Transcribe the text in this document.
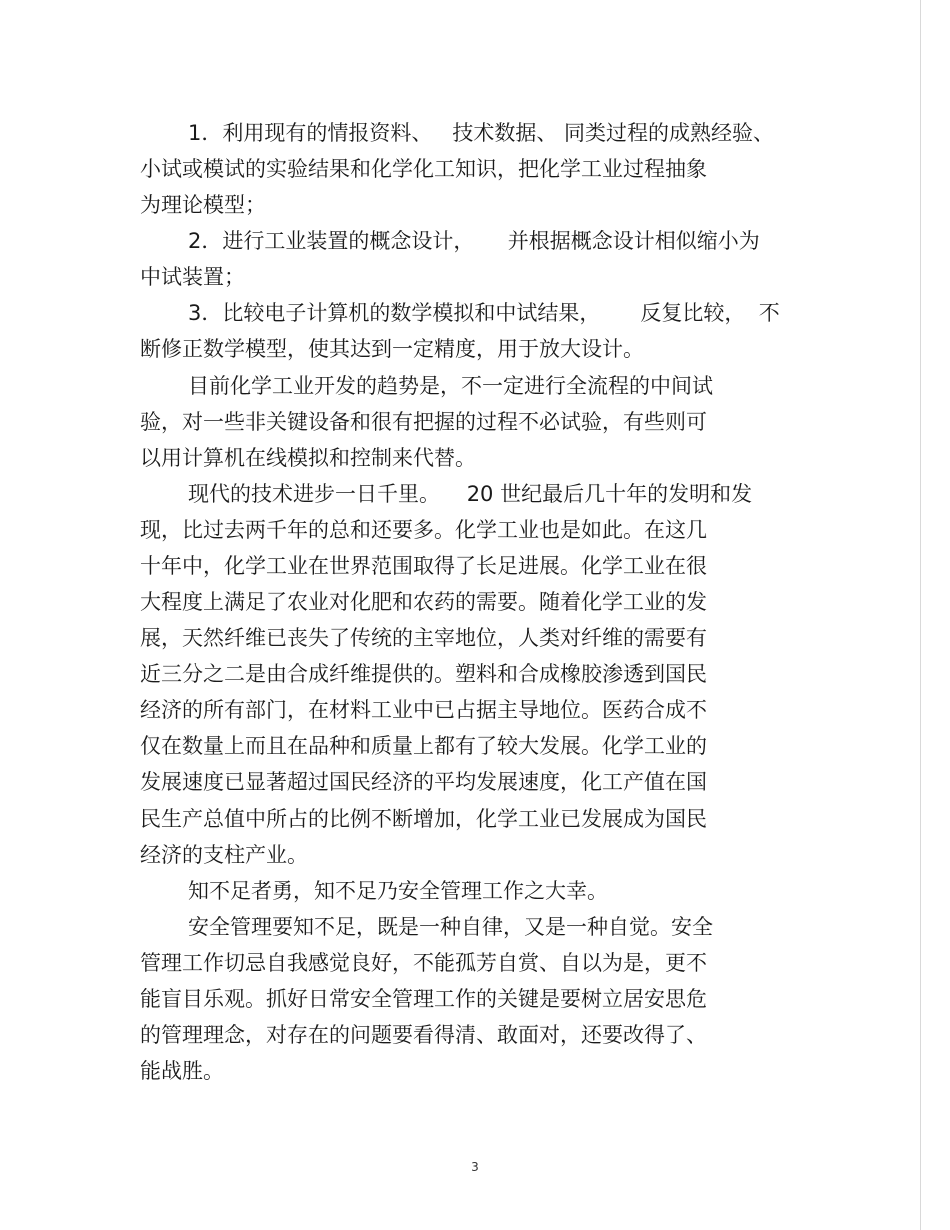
1．利用现有的情报资料、   技术数据、 同类过程的成熟经验、
小试或模试的实验结果和化学化工知识，把化学工业过程抽象
为理论模型；
2．进行工业装置的概念设计，     并根据概念设计相似缩小为
中试装置；
3．比较电子计算机的数学模拟和中试结果，      反复比较，  不
断修正数学模型，使其达到一定精度，用于放大设计。
目前化学工业开发的趋势是，不一定进行全流程的中间试
验，对一些非关键设备和很有把握的过程不必试验，有些则可
以用计算机在线模拟和控制来代替。
现代的技术进步一日千里。    20 世纪最后几十年的发明和发
现，比过去两千年的总和还要多。化学工业也是如此。在这几
十年中，化学工业在世界范围取得了长足进展。化学工业在很
大程度上满足了农业对化肥和农药的需要。随着化学工业的发
展，天然纤维已丧失了传统的主宰地位，人类对纤维的需要有
近三分之二是由合成纤维提供的。塑料和合成橡胶渗透到国民
经济的所有部门，在材料工业中已占据主导地位。医药合成不
仅在数量上而且在品种和质量上都有了较大发展。化学工业的
发展速度已显著超过国民经济的平均发展速度，化工产值在国
民生产总值中所占的比例不断增加，化学工业已发展成为国民
经济的支柱产业。
知不足者勇，知不足乃安全管理工作之大幸。
安全管理要知不足，既是一种自律，又是一种自觉。安全
管理工作切忌自我感觉良好，不能孤芳自赏、自以为是，更不
能盲目乐观。抓好日常安全管理工作的关键是要树立居安思危
的管理理念，对存在的问题要看得清、敢面对，还要改得了、
能战胜。
3
